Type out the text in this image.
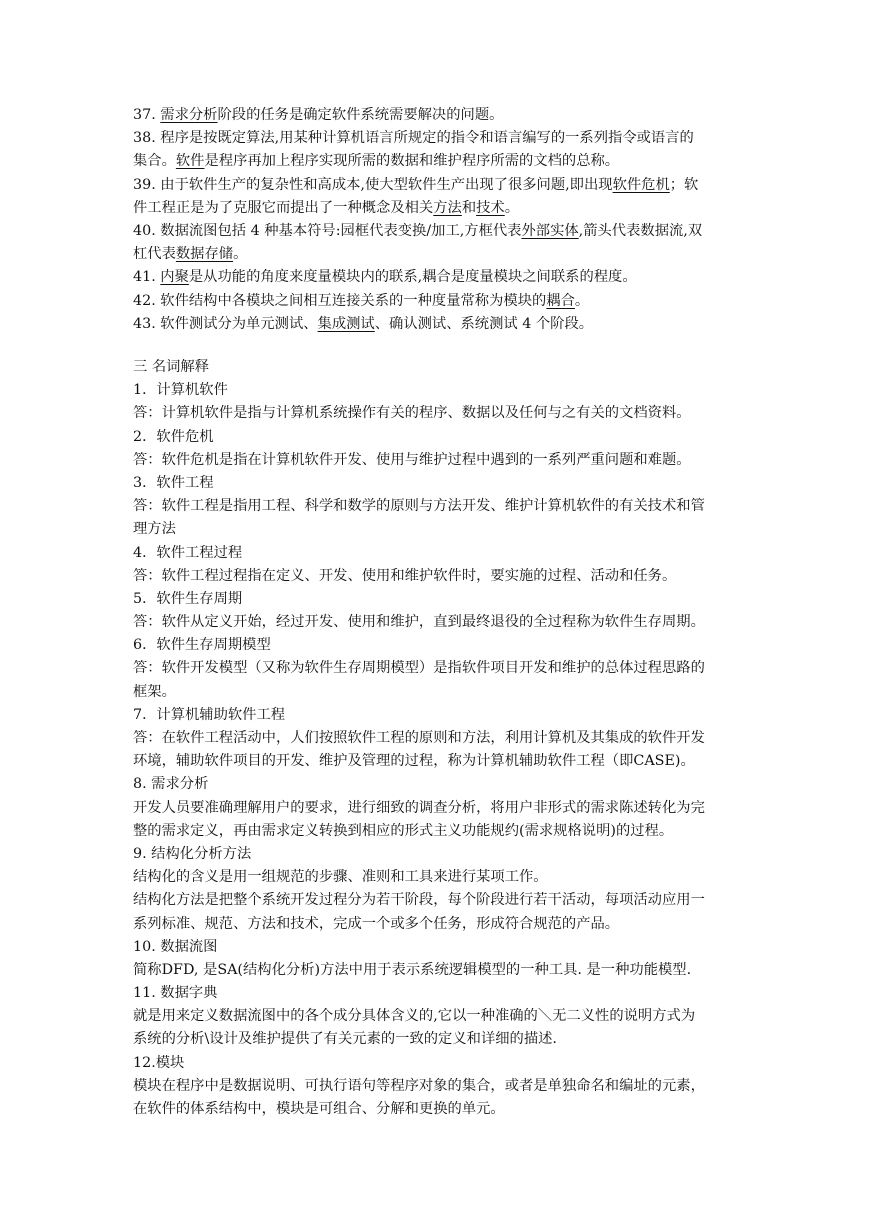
37. 需求分析阶段的任务是确定软件系统需要解决的问题。
38. 程序是按既定算法,用某种计算机语言所规定的指令和语言编写的一系列指令或语言的
集合。软件是程序再加上程序实现所需的数据和维护程序所需的文档的总称。
39. 由于软件生产的复杂性和高成本,使大型软件生产出现了很多问题,即出现软件危机；软
件工程正是为了克服它而提出了一种概念及相关方法和技术。
40. 数据流图包括 4 种基本符号:园框代表变换/加工,方框代表外部实体,箭头代表数据流,双
杠代表数据存储。
41. 内聚是从功能的角度来度量模块内的联系,耦合是度量模块之间联系的程度。
42. 软件结构中各模块之间相互连接关系的一种度量常称为模块的耦合。
43. 软件测试分为单元测试、集成测试、确认测试、系统测试 4 个阶段。
三 名词解释
1．计算机软件
答：计算机软件是指与计算机系统操作有关的程序、数据以及任何与之有关的文档资料。
2．软件危机
答：软件危机是指在计算机软件开发、使用与维护过程中遇到的一系列严重问题和难题。
3．软件工程
答：软件工程是指用工程、科学和数学的原则与方法开发、维护计算机软件的有关技术和管
理方法
4．软件工程过程
答：软件工程过程指在定义、开发、使用和维护软件时，要实施的过程、活动和任务。
5．软件生存周期
答：软件从定义开始，经过开发、使用和维护，直到最终退役的全过程称为软件生存周期。
6．软件生存周期模型
答：软件开发模型（又称为软件生存周期模型）是指软件项目开发和维护的总体过程思路的
框架。
7．计算机辅助软件工程
答：在软件工程活动中，人们按照软件工程的原则和方法，利用计算机及其集成的软件开发
环境，辅助软件项目的开发、维护及管理的过程，称为计算机辅助软件工程（即CASE)。
8. 需求分析
开发人员要准确理解用户的要求，进行细致的调查分析，将用户非形式的需求陈述转化为完
整的需求定义，再由需求定义转换到相应的形式主义功能规约(需求规格说明)的过程。
9. 结构化分析方法
结构化的含义是用一组规范的步骤、准则和工具来进行某项工作。
结构化方法是把整个系统开发过程分为若干阶段，每个阶段进行若干活动，每项活动应用一
系列标准、规范、方法和技术，完成一个或多个任务，形成符合规范的产品。
10. 数据流图
简称DFD, 是SA(结构化分析)方法中用于表示系统逻辑模型的一种工具. 是一种功能模型.
11. 数据字典
就是用来定义数据流图中的各个成分具体含义的,它以一种准确的＼无二义性的说明方式为
系统的分析\设计及维护提供了有关元素的一致的定义和详细的描述.
12.模块
模块在程序中是数据说明、可执行语句等程序对象的集合，或者是单独命名和编址的元素，
在软件的体系结构中，模块是可组合、分解和更换的单元。
